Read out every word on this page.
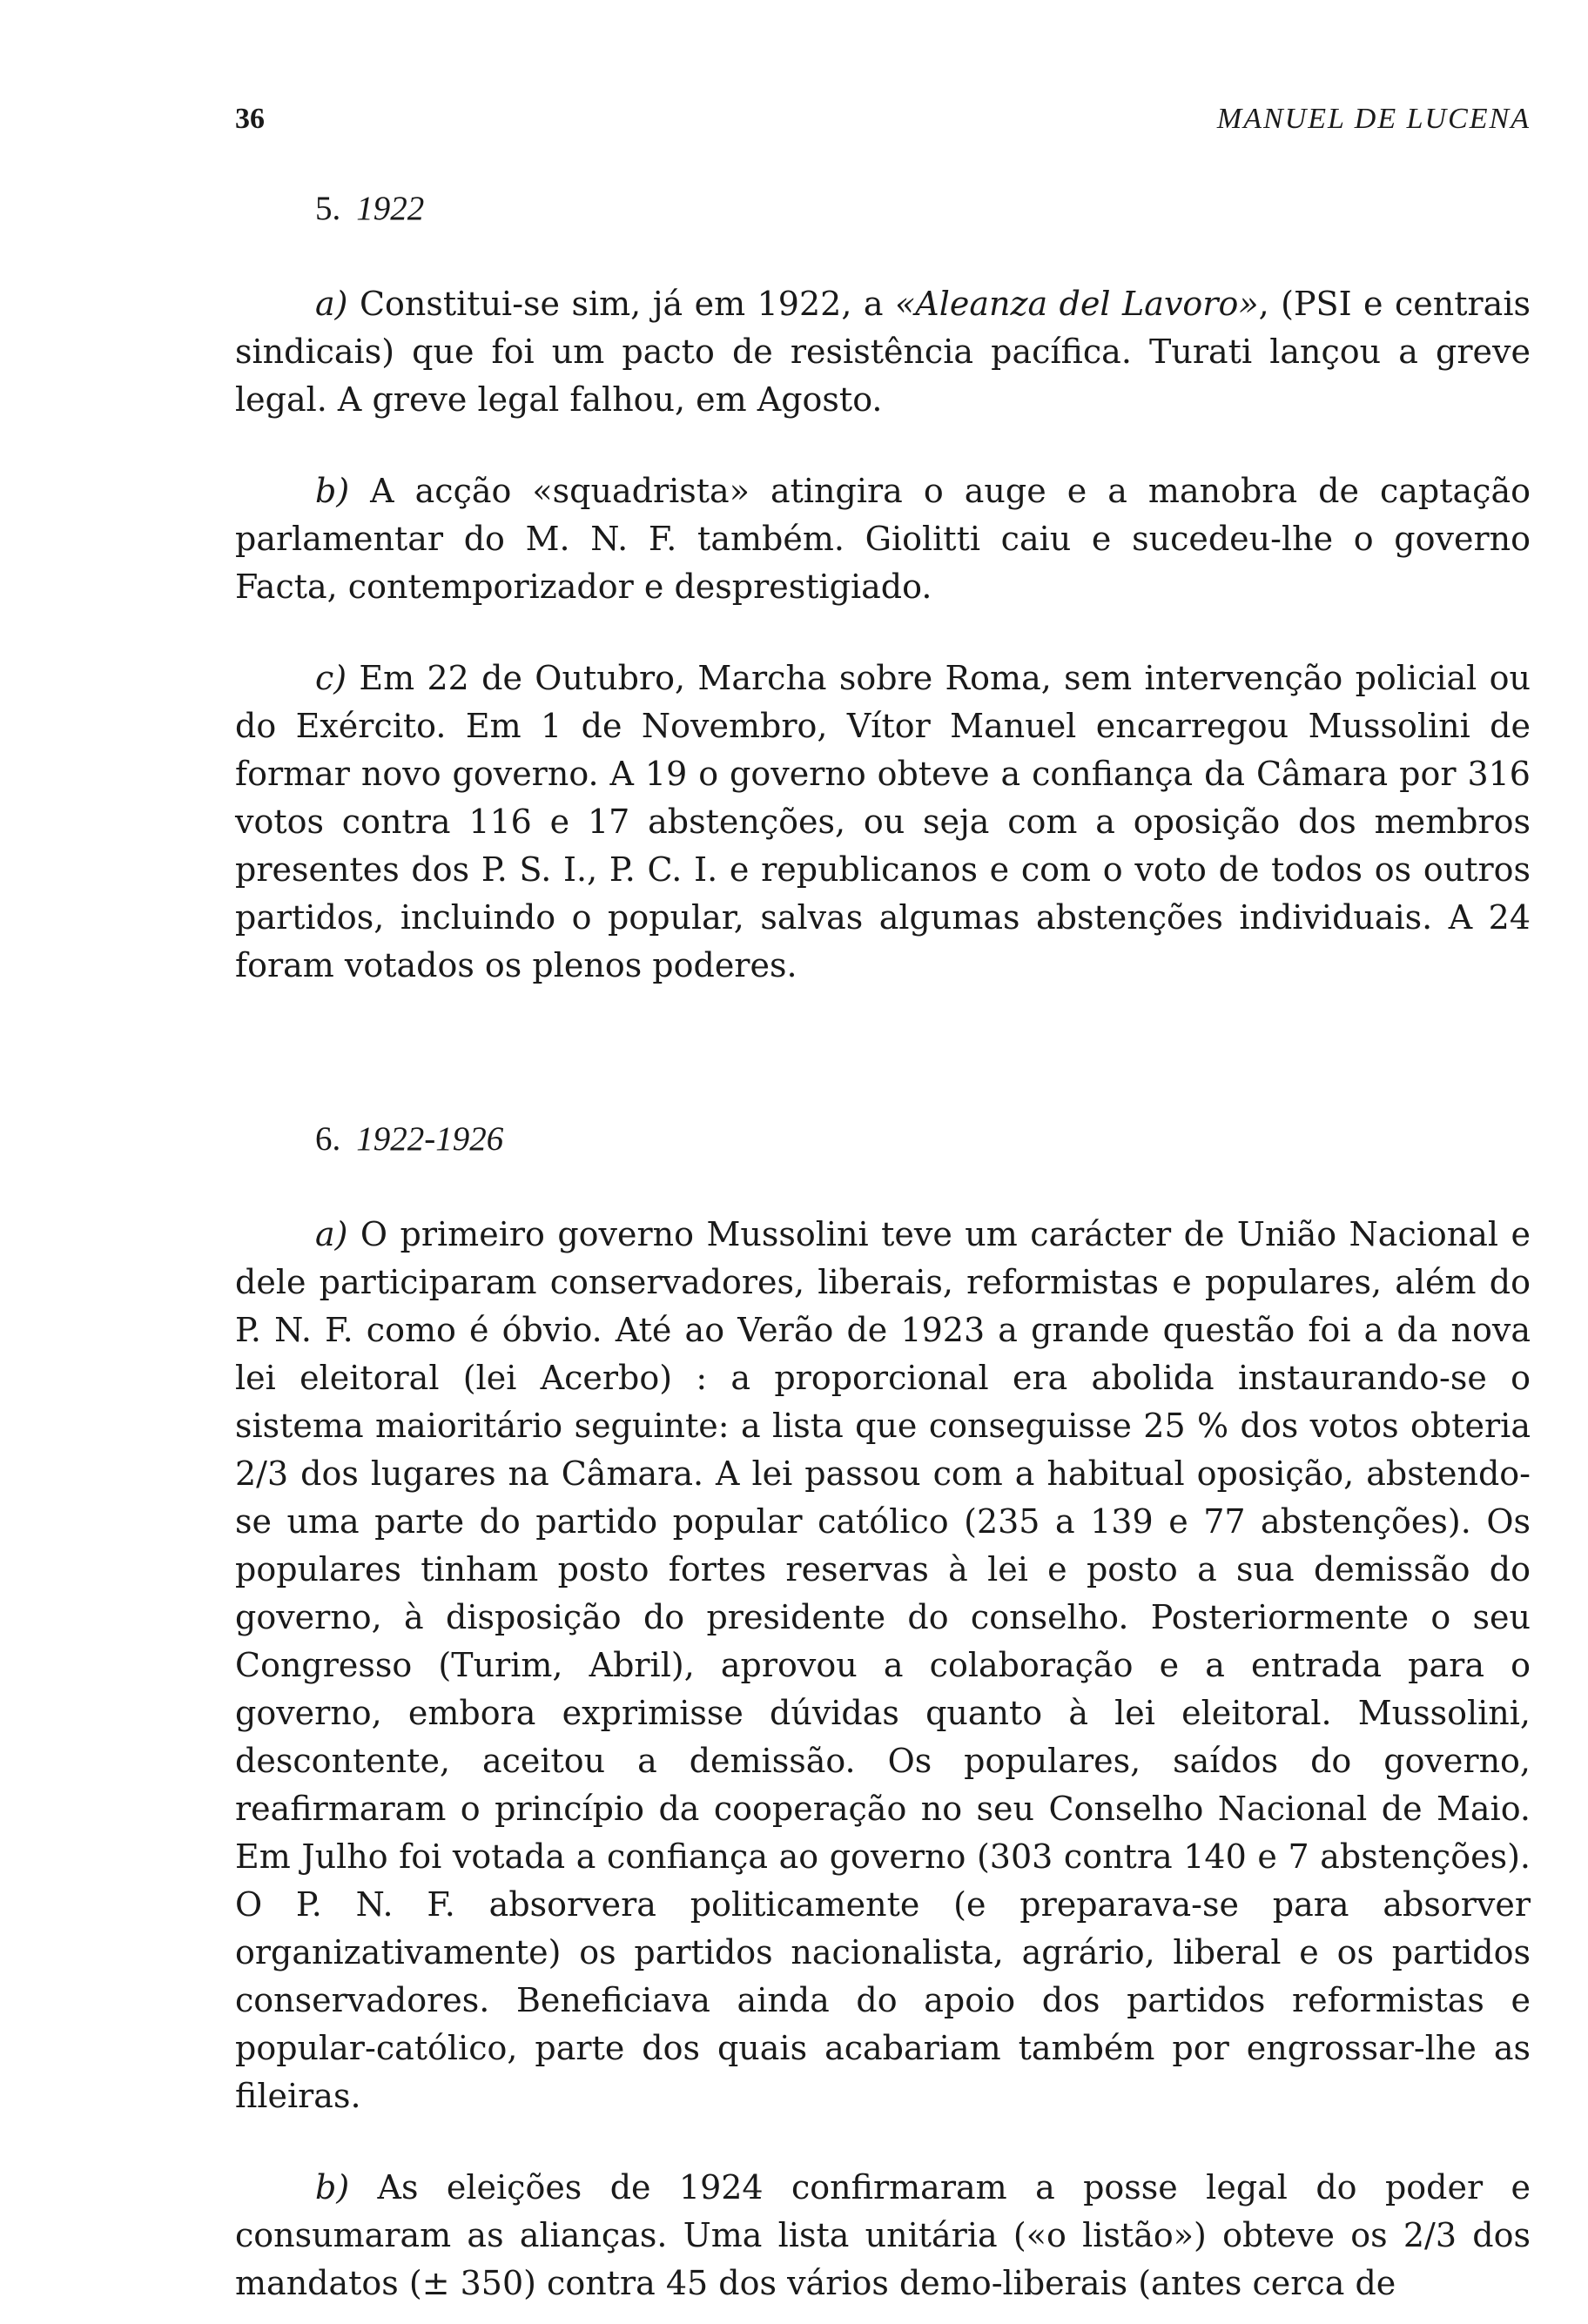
36	MANUEL DE LUCENA
5. 1922

a) Constitui-se sim, já em 1922, a «Aleanza del Lavoro», (PSI e centrais sindicais) que foi um pacto de resistência pacífica. Turati lançou a greve legal. A greve legal falhou, em Agosto.

b) A acção «squadrista» atingira o auge e a manobra de captação parlamentar do M. N. F. também. Giolitti caiu e sucedeu-lhe o governo Facta, contemporizador e desprestigiado.

c) Em 22 de Outubro, Marcha sobre Roma, sem intervenção policial ou do Exército. Em 1 de Novembro, Vítor Manuel encarregou Mussolini de formar novo governo. A 19 o governo obteve a confiança da Câmara por 316 votos contra 116 e 17 abstenções, ou seja com a oposição dos membros presentes dos P. S. I., P. C. I. e republicanos e com o voto de todos os outros partidos, incluindo o popular, salvas algumas abstenções individuais. A 24 foram votados os plenos poderes.

6. 1922-1926

a) O primeiro governo Mussolini teve um carácter de União Nacional e dele participaram conservadores, liberais, reformistas e populares, além do P. N. F. como é óbvio. Até ao Verão de 1923 a grande questão foi a da nova lei eleitoral (lei Acerbo) : a proporcional era abolida instaurando-se o sistema maioritário seguinte: a lista que conseguisse 25 % dos votos obteria 2/3 dos lugares na Câmara. A lei passou com a habitual oposição, abstendo-se uma parte do partido popular católico (235 a 139 e 77 abstenções). Os populares tinham posto fortes reservas à lei e posto a sua demissão do governo, à disposição do presidente do conselho. Posteriormente o seu Congresso (Turim, Abril), aprovou a colaboração e a entrada para o governo, embora exprimisse dúvidas quanto à lei eleitoral. Mussolini, descontente, aceitou a demissão. Os populares, saídos do governo, reafirmaram o princípio da cooperação no seu Conselho Nacional de Maio. Em Julho foi votada a confiança ao governo (303 contra 140 e 7 abstenções). O P. N. F. absorvera politicamente (e preparava-se para absorver organizativamente) os partidos nacionalista, agrário, liberal e os partidos conservadores. Beneficiava ainda do apoio dos partidos reformistas e popular-católico, parte dos quais acabariam também por engrossar-lhe as fileiras.

b) As eleições de 1924 confirmaram a posse legal do poder e consumaram as alianças. Uma lista unitária («o listão») obteve os 2/3 dos mandatos (± 350) contra 45 dos vários demo-liberais (antes cerca de
